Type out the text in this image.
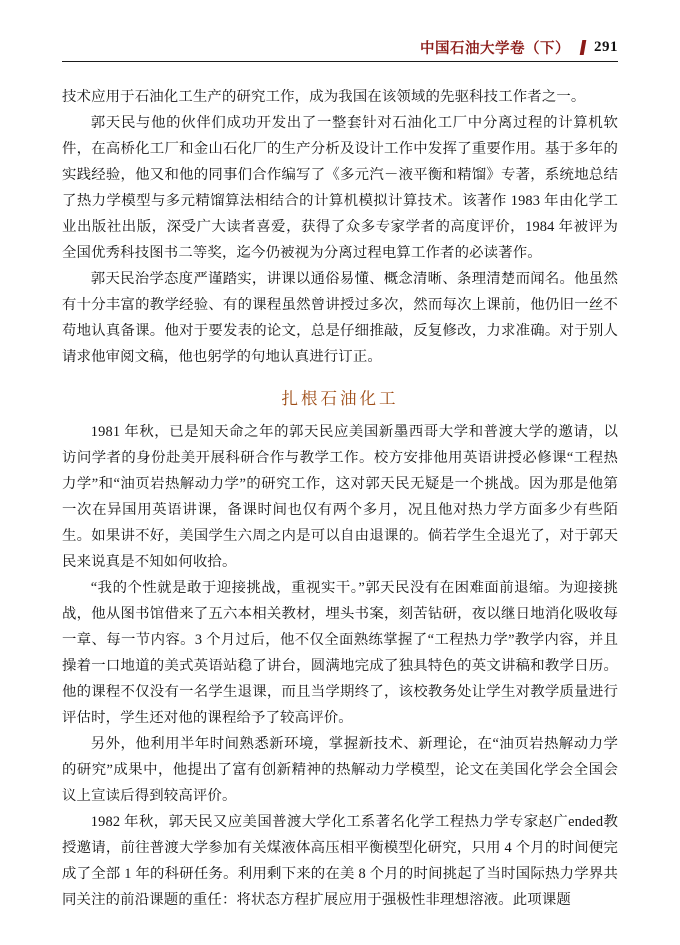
中国石油大学卷（下） 291

技术应用于石油化工生产的研究工作，成为我国在该领域的先驱科技工作者之一。

郭天民与他的伙伴们成功开发出了一整套针对石油化工厂中分离过程的计算机软件，在高桥化工厂和金山石化厂的生产分析及设计工作中发挥了重要作用。基于多年的实践经验，他又和他的同事们合作编写了《多元汽－液平衡和精馏》专著，系统地总结了热力学模型与多元精馏算法相结合的计算机模拟计算技术。该著作 1983 年由化学工业出版社出版，深受广大读者喜爱，获得了众多专家学者的高度评价，1984 年被评为全国优秀科技图书二等奖，迄今仍被视为分离过程电算工作者的必读著作。

郭天民治学态度严谨踏实，讲课以通俗易懂、概念清晰、条理清楚而闻名。他虽然有十分丰富的教学经验、有的课程虽然曾讲授过多次，然而每次上课前，他仍旧一丝不苟地认真备课。他对于要发表的论文，总是仔细推敲，反复修改，力求准确。对于别人请求他审阅文稿，他也躬学的句地认真进行订正。

扎根石油化工

1981 年秋，已是知天命之年的郭天民应美国新墨西哥大学和普渡大学的邀请，以访问学者的身份赴美开展科研合作与教学工作。校方安排他用英语讲授必修课“工程热力学”和“油页岩热解动力学”的研究工作，这对郭天民无疑是一个挑战。因为那是他第一次在异国用英语讲课，备课时间也仅有两个多月，况且他对热力学方面多少有些陌生。如果讲不好，美国学生六周之内是可以自由退课的。倘若学生全退光了，对于郭天民来说真是不知如何收拾。

“我的个性就是敢于迎接挑战，重视实干。”郭天民没有在困难面前退缩。为迎接挑战，他从图书馆借来了五六本相关教材，埋头书案，刻苦钻研，夜以继日地消化吸收每一章、每一节内容。3 个月过后，他不仅全面熟练掌握了“工程热力学”教学内容，并且操着一口地道的美式英语站稳了讲台，圆满地完成了独具特色的英文讲稿和教学日历。他的课程不仅没有一名学生退课，而且当学期终了，该校教务处让学生对教学质量进行评估时，学生还对他的课程给予了较高评价。

另外，他利用半年时间熟悉新环境，掌握新技术、新理论，在“油页岩热解动力学的研究”成果中，他提出了富有创新精神的热解动力学模型，论文在美国化学会全国会议上宣读后得到较高评价。

1982 年秋，郭天民又应美国普渡大学化工系著名化学工程热力学专家赵广ended教授邀请，前往普渡大学参加有关煤液体高压相平衡模型化研究，只用 4 个月的时间便完成了全部 1 年的科研任务。利用剩下来的在美 8 个月的时间挑起了当时国际热力学界共同关注的前沿课题的重任：将状态方程扩展应用于强极性非理想溶液。此项课题
